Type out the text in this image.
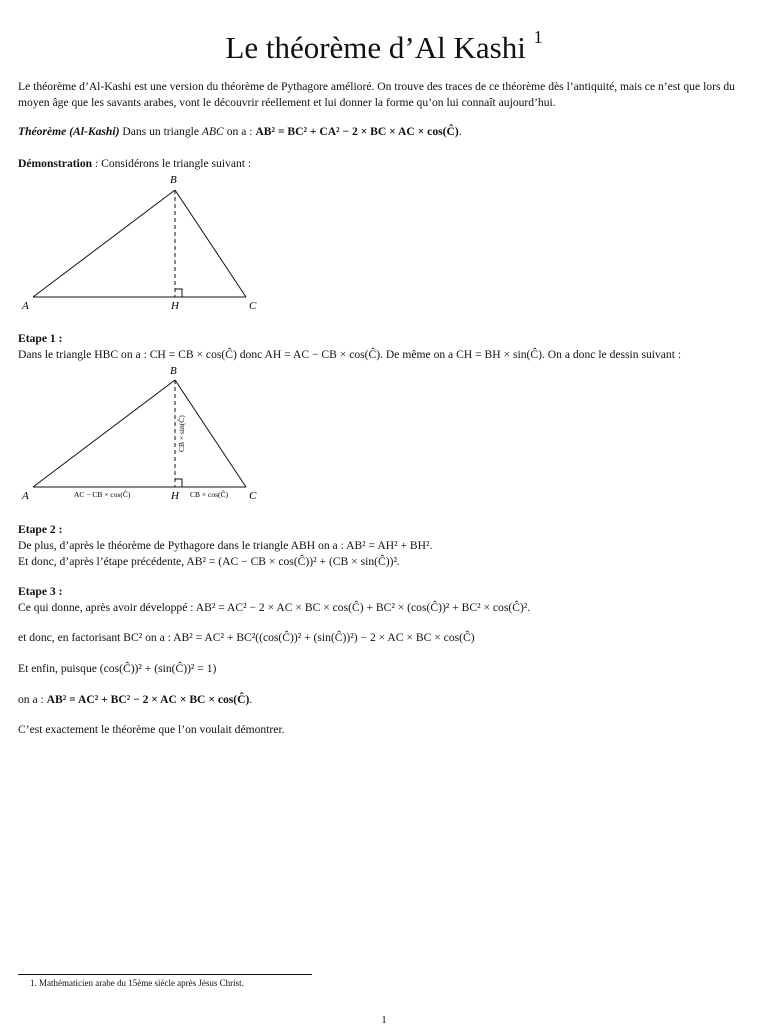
Le théorème d’Al Kashi $^1$
Le théorème d’Al-Kashi est une version du théorème de Pythagore amélioré. On trouve des traces de ce théorème dès l’antiquité, mais ce n’est que lors du moyen âge que les savants arabes, vont le découvrir réellement et lui donner la forme qu’on lui connaît aujourd’hui.
Théorème (Al-Kashi) Dans un triangle ABC on a : AB² = BC² + CA² − 2 × BC × AC × cos(Ĉ).
Démonstration : Considérons le triangle suivant :
B
A	H	C
Etape 1 :
Dans le triangle HBC on a : CH = CB × cos(Ĉ) donc AH = AC − CB × cos(Ĉ). De même on a CH = BH × sin(Ĉ). On a donc le dessin suivant :
B
A	H	C
AC − CB × cos(Ĉ)	CB × cos(Ĉ)
CB × sin(Ĉ)
Etape 2 :
De plus, d’après le théorème de Pythagore dans le triangle ABH on a : AB² = AH² + BH².
Et donc, d’après l’étape précédente, AB² = (AC − CB × cos(Ĉ))² + (CB × sin(Ĉ))².
Etape 3 :
Ce qui donne, après avoir développé : AB² = AC² − 2 × AC × BC × cos(Ĉ) + BC² × (cos(Ĉ))² + BC² × cos(Ĉ)².
et donc, en factorisant BC² on a : AB² = AC² + BC²((cos(Ĉ))² + (sin(Ĉ))²) − 2 × AC × BC × cos(Ĉ)
Et enfin, puisque (cos(Ĉ))² + (sin(Ĉ))² = 1)
on a : AB² = AC² + BC² − 2 × AC × BC × cos(Ĉ).
C’est exactement le théorème que l’on voulait démontrer.
1. Mathématicien arabe du 15ème siècle après Jésus Christ.
1
